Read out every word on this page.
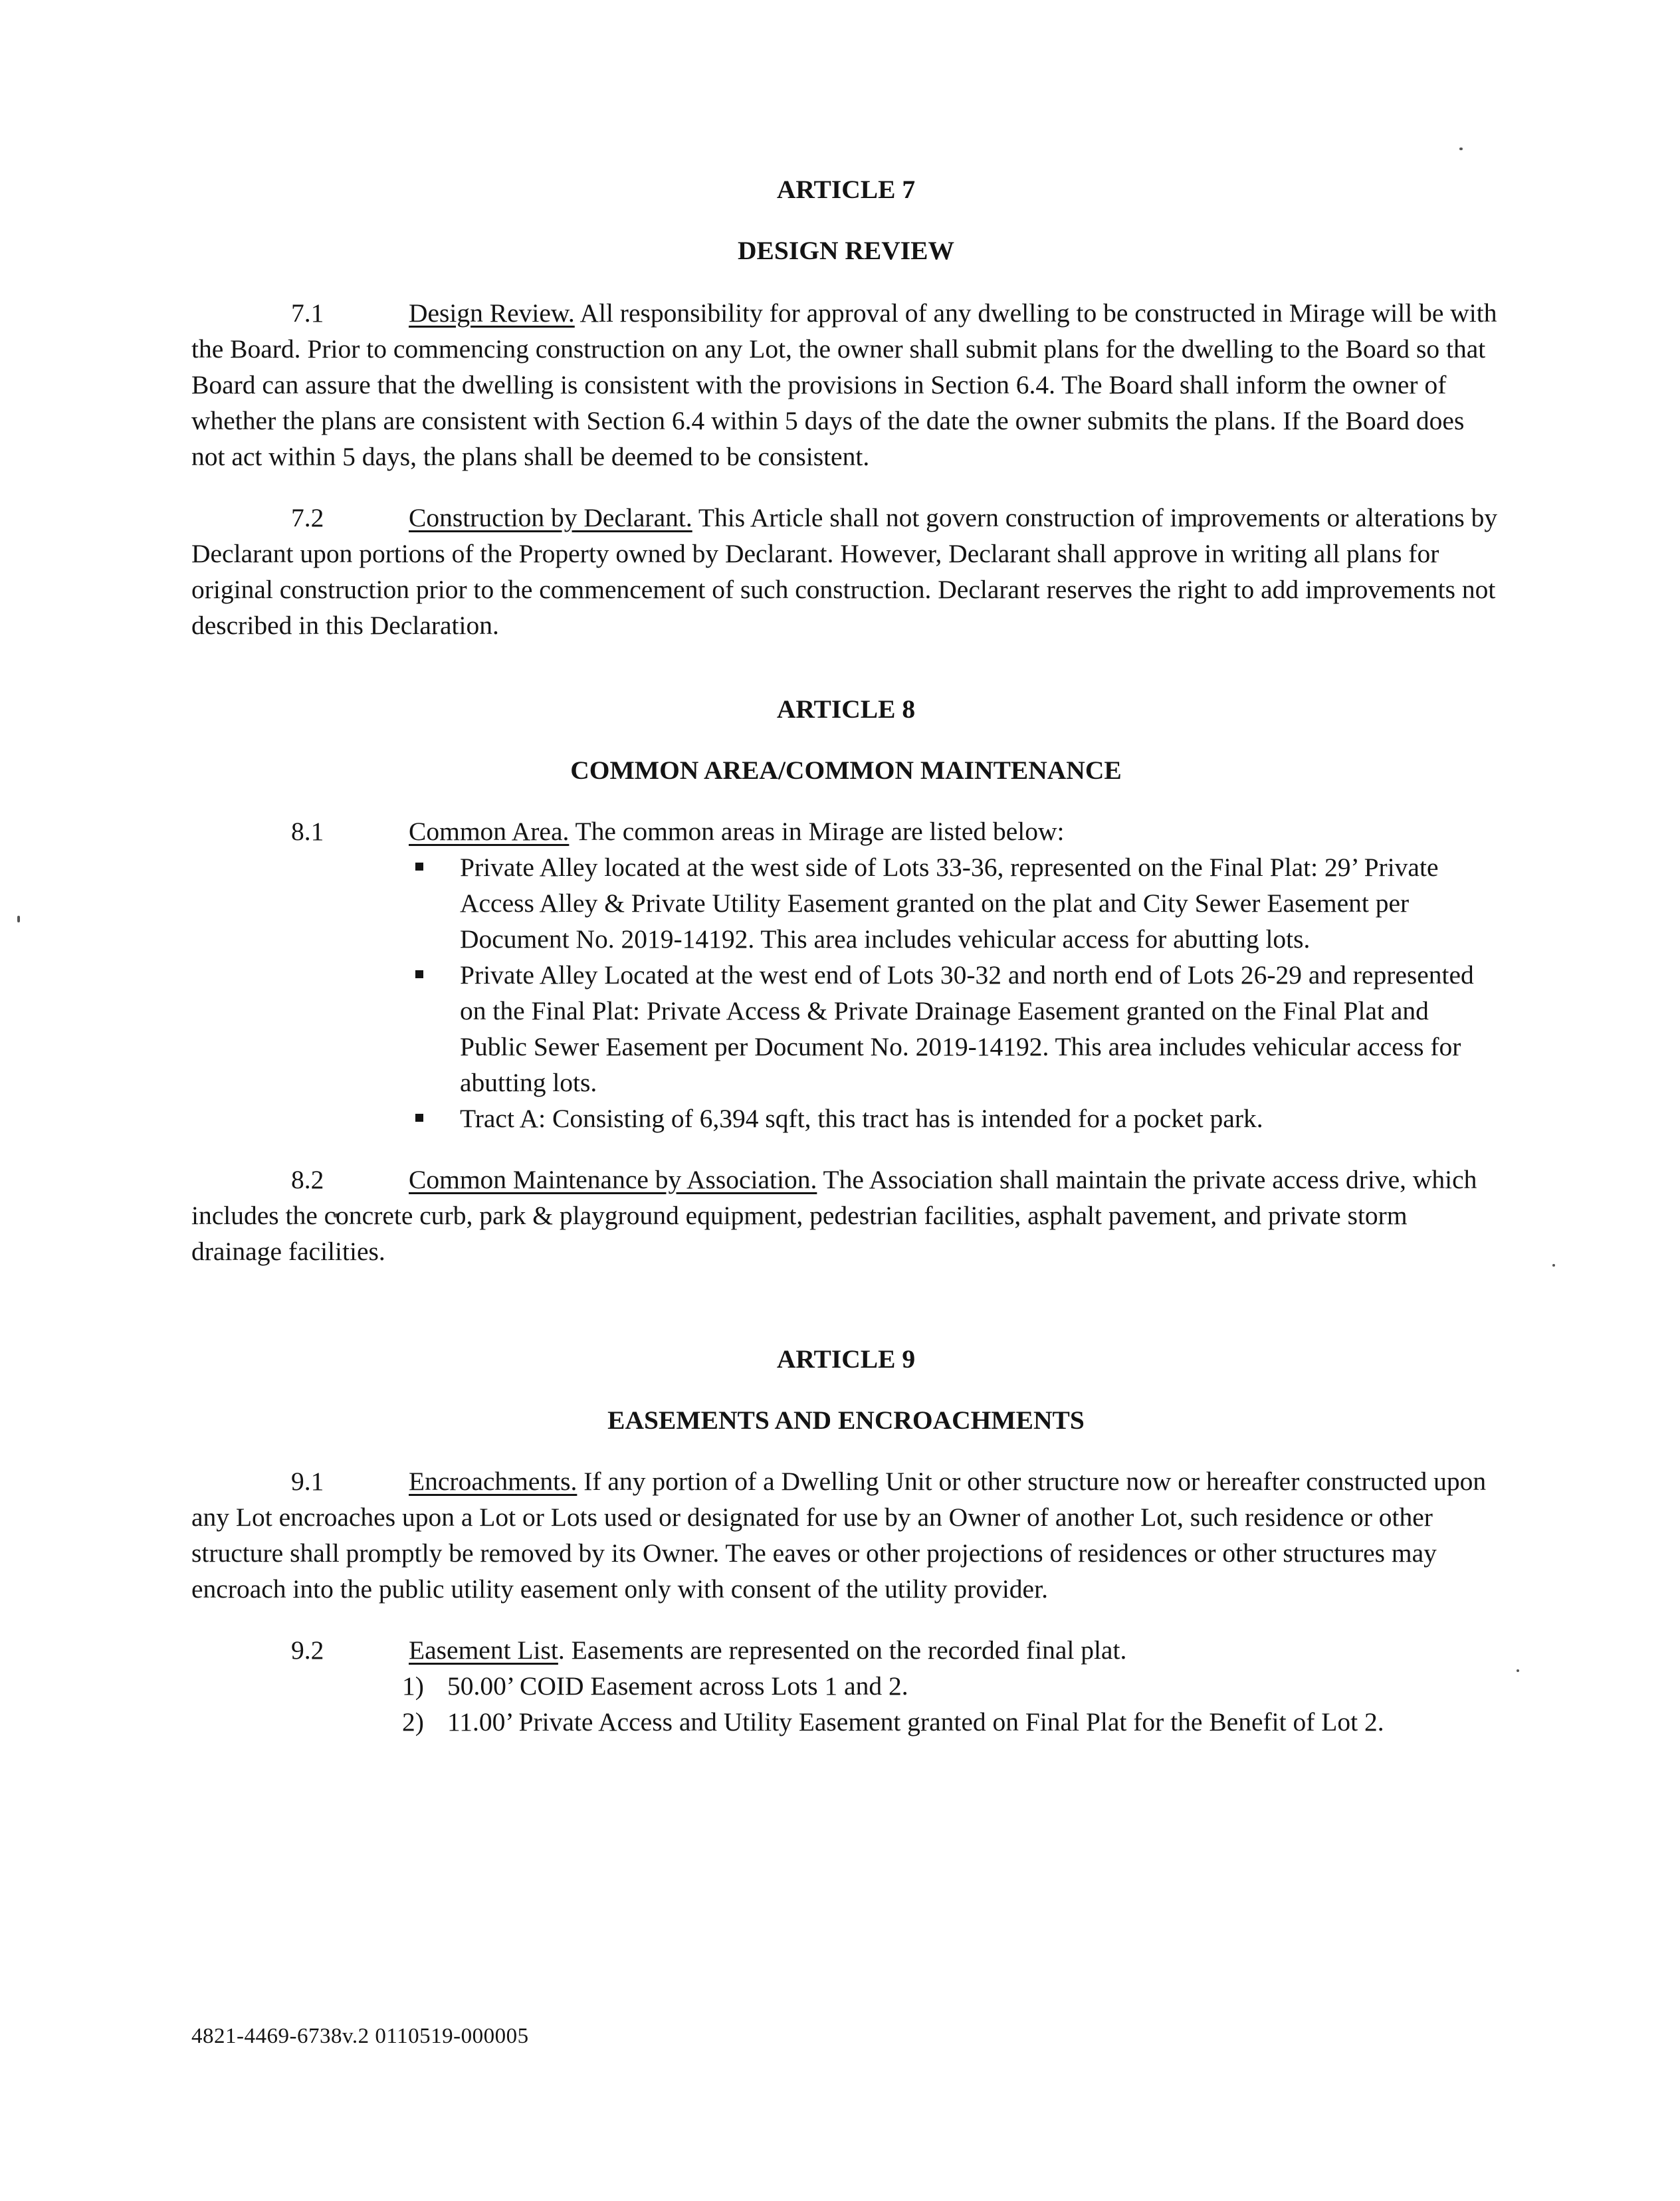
ARTICLE 7

DESIGN REVIEW

7.1	Design Review. All responsibility for approval of any dwelling to be constructed in Mirage will be with the Board. Prior to commencing construction on any Lot, the owner shall submit plans for the dwelling to the Board so that Board can assure that the dwelling is consistent with the provisions in Section 6.4. The Board shall inform the owner of whether the plans are consistent with Section 6.4 within 5 days of the date the owner submits the plans. If the Board does not act within 5 days, the plans shall be deemed to be consistent.

7.2	Construction by Declarant. This Article shall not govern construction of improvements or alterations by Declarant upon portions of the Property owned by Declarant. However, Declarant shall approve in writing all plans for original construction prior to the commencement of such construction. Declarant reserves the right to add improvements not described in this Declaration.

ARTICLE 8

COMMON AREA/COMMON MAINTENANCE

8.1	Common Area. The common areas in Mirage are listed below:
Private Alley located at the west side of Lots 33-36, represented on the Final Plat: 29’ Private Access Alley & Private Utility Easement granted on the plat and City Sewer Easement per Document No. 2019-14192. This area includes vehicular access for abutting lots.
Private Alley Located at the west end of Lots 30-32 and north end of Lots 26-29 and represented on the Final Plat: Private Access & Private Drainage Easement granted on the Final Plat and Public Sewer Easement per Document No. 2019-14192. This area includes vehicular access for abutting lots.
Tract A: Consisting of 6,394 sqft, this tract has is intended for a pocket park.

8.2	Common Maintenance by Association. The Association shall maintain the private access drive, which includes the concrete curb, park & playground equipment, pedestrian facilities, asphalt pavement, and private storm drainage facilities.

ARTICLE 9

EASEMENTS AND ENCROACHMENTS

9.1	Encroachments. If any portion of a Dwelling Unit or other structure now or hereafter constructed upon any Lot encroaches upon a Lot or Lots used or designated for use by an Owner of another Lot, such residence or other structure shall promptly be removed by its Owner. The eaves or other projections of residences or other structures may encroach into the public utility easement only with consent of the utility provider.

9.2	Easement List. Easements are represented on the recorded final plat.
1) 50.00’ COID Easement across Lots 1 and 2.
2) 11.00’ Private Access and Utility Easement granted on Final Plat for the Benefit of Lot 2.
4821-4469-6738v.2 0110519-000005
